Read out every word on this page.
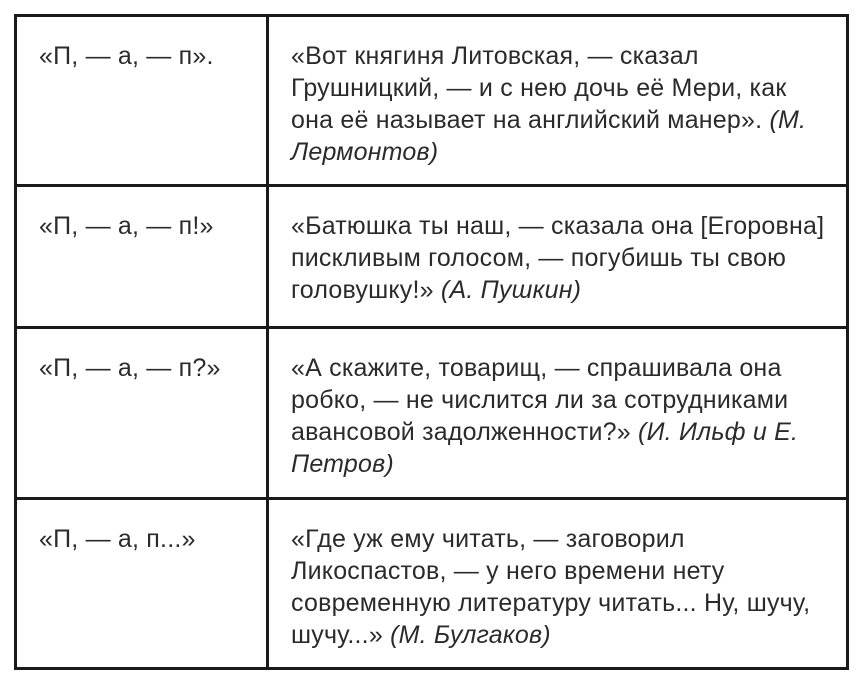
«П, — а, — п».	«Вот княгиня Литовская, — сказал Грушницкий, — и с нею дочь её Мери, как она её называет на английский манер». (М. Лермонтов)
«П, — а, — п!»	«Батюшка ты наш, — сказала она [Егоровна] пискливым голосом, — погубишь ты свою головушку!» (А. Пушкин)
«П, — а, — п?»	«А скажите, товарищ, — спрашивала она робко, — не числится ли за сотрудниками авансовой задолженности?» (И. Ильф и Е. Петров)
«П, — а, п...»	«Где уж ему читать, — заговорил Ликоспастов, — у него времени нету современную литературу читать... Ну, шучу, шучу...» (М. Булгаков)
